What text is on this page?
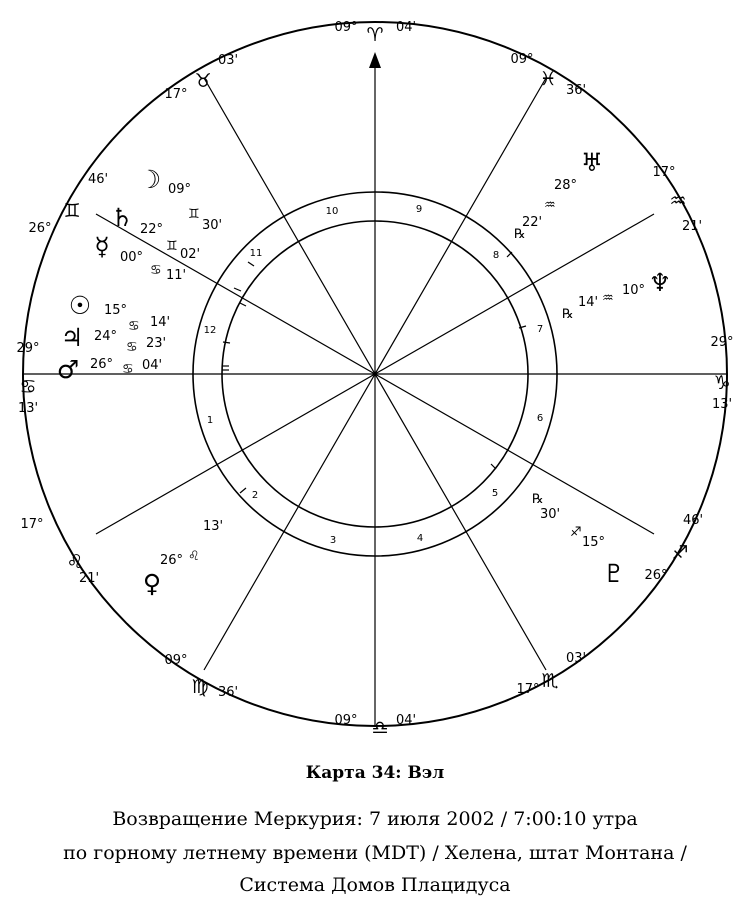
1
2
3	4
5
6
7
8
9
10
11
12
29°
♋
13'
17°
♌
21'
09°
♍ 36'
09° ♎ 04'
17° ♏
03'
26°
♐
46'
29°
♑
13'
17°
♒
21'
09°
♓
36'
09° ♈ 04'
17°
♉
03'
26°
♊
46' ☽ 09°
♊
30'
♄ 22°
♊
02'
☿ 00°
♋ 11'
☉ 15°
♋ 14'
♃ 24°
♋ 23'
♂ 26° ♋ 04'
♀
26° ♌
13'
♇
15°
♐
30'
℞
♆
10°
♒
14'
℞
♅
28°
♒
22'
℞
Карта 34: Вэл
Возвращение Меркурия: 7 июля 2002 / 7:00:10 утра
по горному летнему времени (MDT) / Хелена, штат Монтана /
Система Домов Плацидуса
